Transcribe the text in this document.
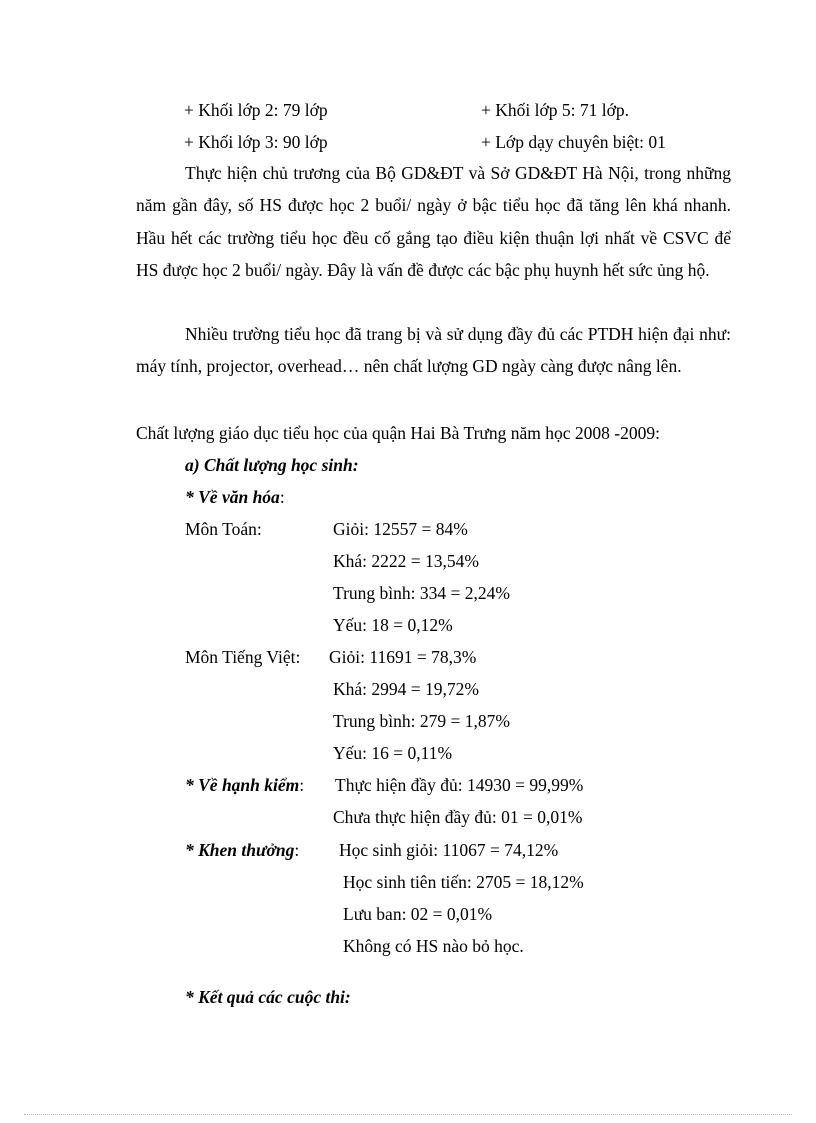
+ Khối lớp 2: 79 lớp	+ Khối lớp 5: 71 lớp.
+ Khối lớp 3: 90 lớp	+ Lớp dạy chuyên biệt: 01
Thực hiện chủ trương của Bộ GD&ĐT và Sở GD&ĐT Hà Nội, trong những năm gần đây, số HS được học 2 buổi/ ngày ở bậc tiểu học đã tăng lên khá nhanh. Hầu hết các trường tiểu học đều cố gắng tạo điều kiện thuận lợi nhất về CSVC để HS được học 2 buổi/ ngày. Đây là vấn đề được các bậc phụ huynh hết sức ủng hộ.
Nhiều trường tiểu học đã trang bị và sử dụng đầy đủ các PTDH hiện đại như: máy tính, projector, overhead… nên chất lượng GD ngày càng được nâng lên.
Chất lượng giáo dục tiểu học của quận Hai Bà Trưng năm học 2008 -2009:
a) Chất lượng học sinh:
* Về văn hóa:
Môn Toán:	Giỏi: 12557 = 84%
Khá: 2222 = 13,54%
Trung bình: 334 = 2,24%
Yếu: 18 = 0,12%
Môn Tiếng Việt: Giỏi: 11691 = 78,3%
Khá: 2994 = 19,72%
Trung bình: 279 = 1,87%
Yếu: 16 = 0,11%
* Về hạnh kiểm: Thực hiện đầy đủ: 14930 = 99,99%
Chưa thực hiện đầy đủ: 01 = 0,01%
* Khen thưởng: Học sinh giỏi: 11067 = 74,12%
Học sinh tiên tiến: 2705 = 18,12%
Lưu ban: 02 = 0,01%
Không có HS nào bỏ học.
* Kết quả các cuộc thi:
